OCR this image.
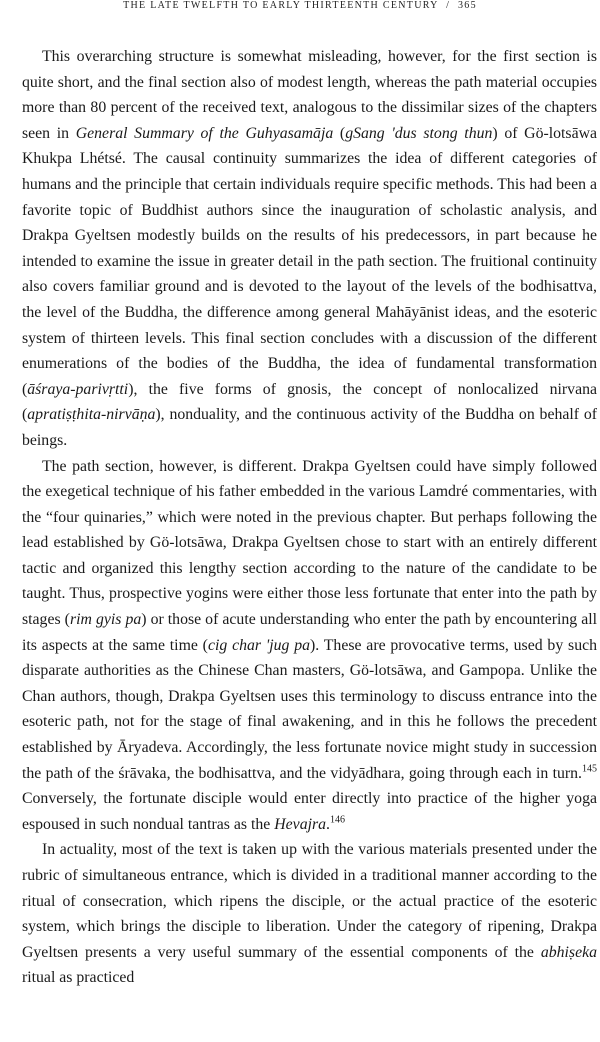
THE LATE TWELFTH TO EARLY THIRTEENTH CENTURY / 365

This overarching structure is somewhat misleading, however, for the first section is quite short, and the final section also of modest length, whereas the path material occupies more than 80 percent of the received text, analogous to the dissimilar sizes of the chapters seen in General Summary of the Guhyasamāja (gSang 'dus stong thun) of Gö-lotsāwa Khukpa Lhétsé. The causal continuity summarizes the idea of different categories of humans and the principle that certain individuals require specific methods. This had been a favorite topic of Buddhist authors since the inauguration of scholastic analysis, and Drakpa Gyeltsen modestly builds on the results of his predecessors, in part because he intended to examine the issue in greater detail in the path section. The fruitional continuity also covers familiar ground and is devoted to the layout of the levels of the bodhisattva, the level of the Buddha, the difference among general Mahāyānist ideas, and the esoteric system of thirteen levels. This final section concludes with a discussion of the different enumerations of the bodies of the Buddha, the idea of fundamental transformation (āśraya-parivṛtti), the five forms of gnosis, the concept of nonlocalized nirvana (apratiṣṭhita-nirvāṇa), nonduality, and the continuous activity of the Buddha on behalf of beings.

The path section, however, is different. Drakpa Gyeltsen could have simply followed the exegetical technique of his father embedded in the various Lamdré commentaries, with the “four quinaries,” which were noted in the previous chapter. But perhaps following the lead established by Gö-lotsāwa, Drakpa Gyeltsen chose to start with an entirely different tactic and organized this lengthy section according to the nature of the candidate to be taught. Thus, prospective yogins were either those less fortunate that enter into the path by stages (rim gyis pa) or those of acute understanding who enter the path by encountering all its aspects at the same time (cig char 'jug pa). These are provocative terms, used by such disparate authorities as the Chinese Chan masters, Gö-lotsāwa, and Gampopa. Unlike the Chan authors, though, Drakpa Gyeltsen uses this terminology to discuss entrance into the esoteric path, not for the stage of final awakening, and in this he follows the precedent established by Āryadeva. Accordingly, the less fortunate novice might study in succession the path of the śrāvaka, the bodhisattva, and the vidyādhara, going through each in turn.$^{145}$ Conversely, the fortunate disciple would enter directly into practice of the higher yoga espoused in such nondual tantras as the Hevajra.$^{146}$

In actuality, most of the text is taken up with the various materials presented under the rubric of simultaneous entrance, which is divided in a traditional manner according to the ritual of consecration, which ripens the disciple, or the actual practice of the esoteric system, which brings the disciple to liberation. Under the category of ripening, Drakpa Gyeltsen presents a very useful summary of the essential components of the abhiṣeka ritual as practiced
